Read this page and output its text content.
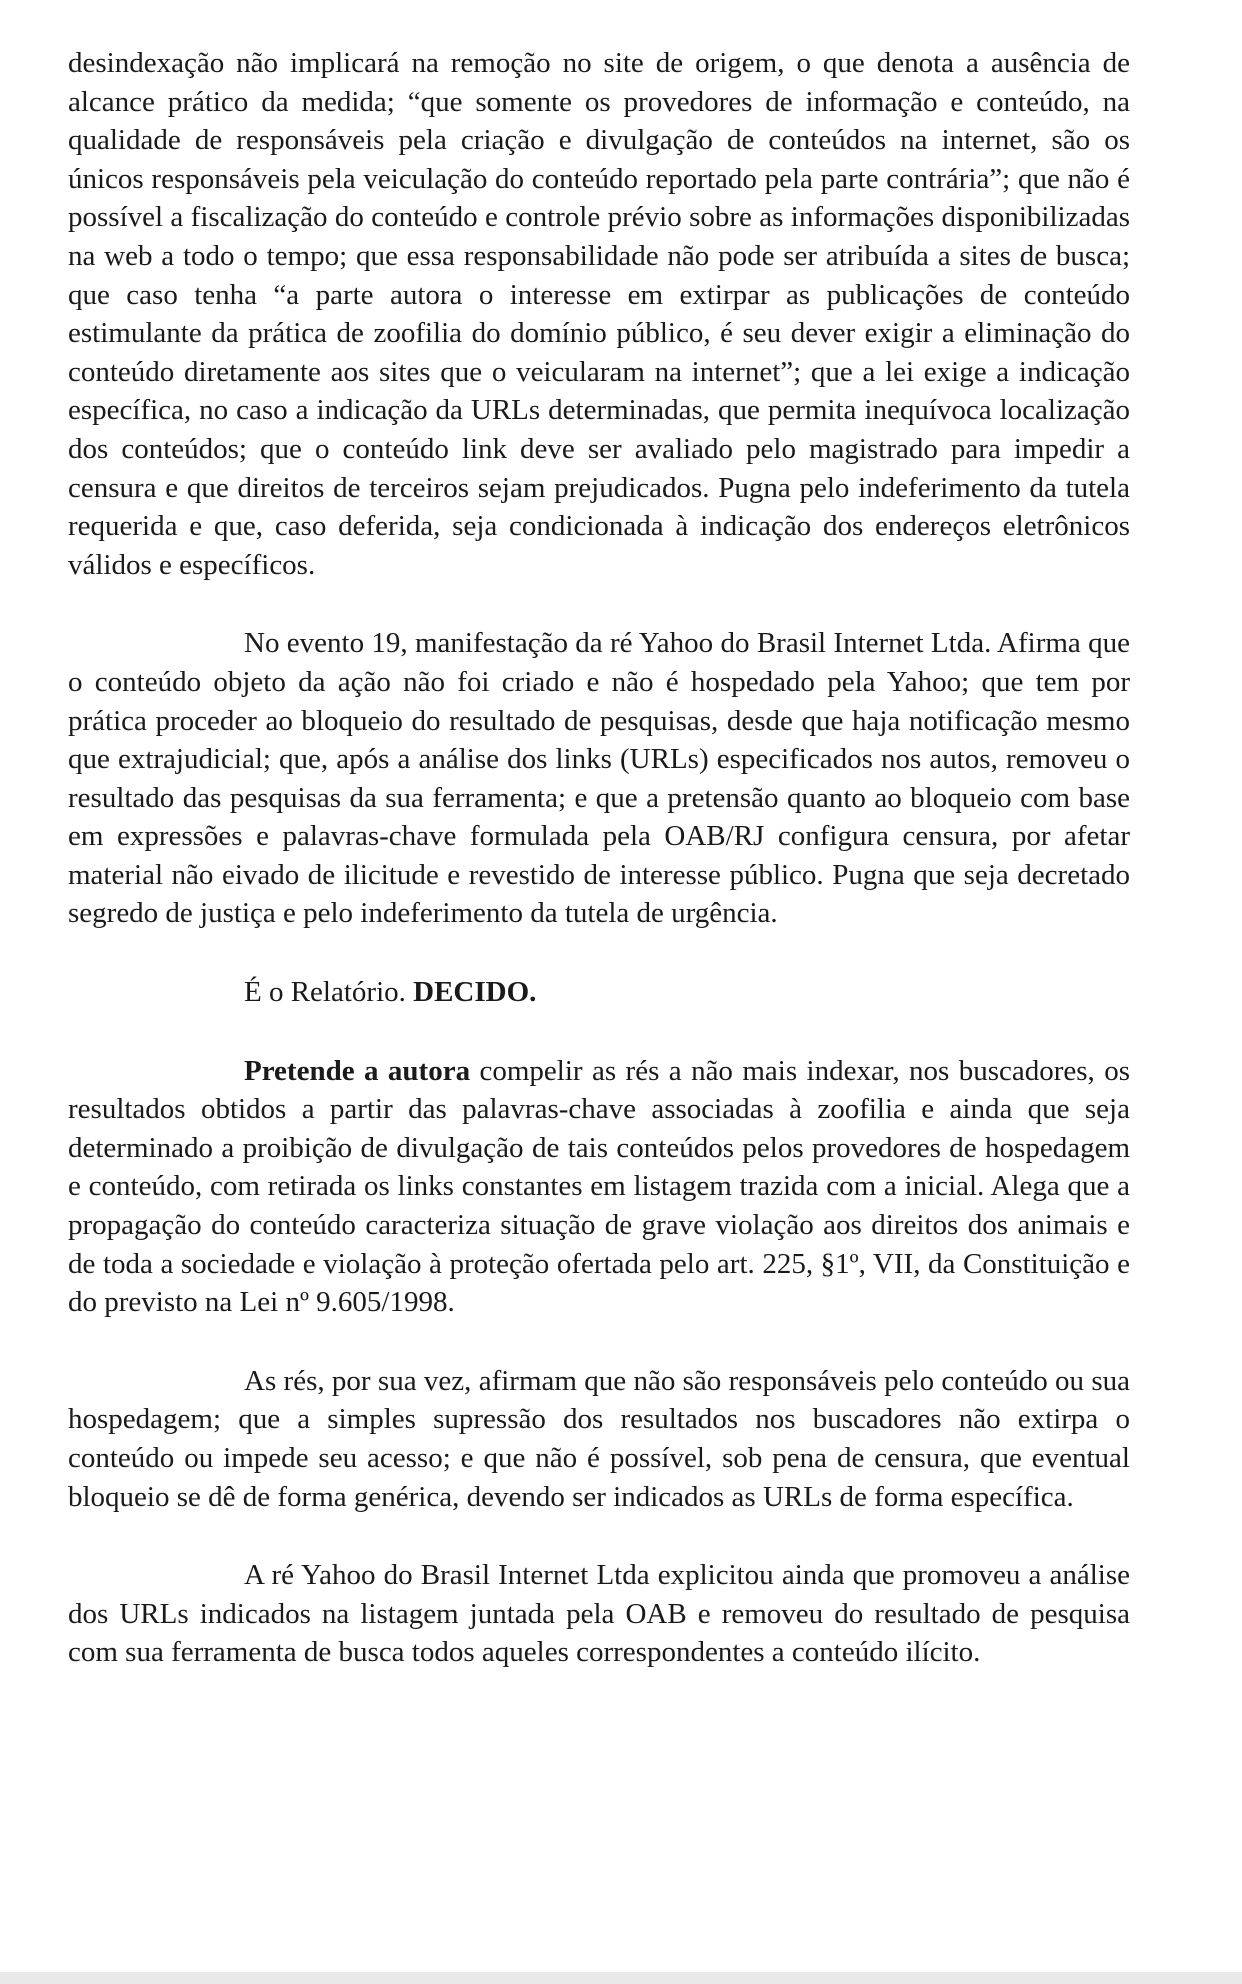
desindexação não implicará na remoção no site de origem, o que denota a ausência de alcance prático da medida; “que somente os provedores de informação e conteúdo, na qualidade de responsáveis pela criação e divulgação de conteúdos na internet, são os únicos responsáveis pela veiculação do conteúdo reportado pela parte contrária”; que não é possível a fiscalização do conteúdo e controle prévio sobre as informações disponibilizadas na web a todo o tempo; que essa responsabilidade não pode ser atribuída a sites de busca; que caso tenha “a parte autora o interesse em extirpar as publicações de conteúdo estimulante da prática de zoofilia do domínio público, é seu dever exigir a eliminação do conteúdo diretamente aos sites que o veicularam na internet”; que a lei exige a indicação específica, no caso a indicação da URLs determinadas, que permita inequívoca localização dos conteúdos; que o conteúdo link deve ser avaliado pelo magistrado para impedir a censura e que direitos de terceiros sejam prejudicados. Pugna pelo indeferimento da tutela requerida e que, caso deferida, seja condicionada à indicação dos endereços eletrônicos válidos e específicos.

No evento 19, manifestação da ré Yahoo do Brasil Internet Ltda. Afirma que o conteúdo objeto da ação não foi criado e não é hospedado pela Yahoo; que tem por prática proceder ao bloqueio do resultado de pesquisas, desde que haja notificação mesmo que extrajudicial; que, após a análise dos links (URLs) especificados nos autos, removeu o resultado das pesquisas da sua ferramenta; e que a pretensão quanto ao bloqueio com base em expressões e palavras-chave formulada pela OAB/RJ configura censura, por afetar material não eivado de ilicitude e revestido de interesse público. Pugna que seja decretado segredo de justiça e pelo indeferimento da tutela de urgência.

É o Relatório. DECIDO.

Pretende a autora compelir as rés a não mais indexar, nos buscadores, os resultados obtidos a partir das palavras-chave associadas à zoofilia e ainda que seja determinado a proibição de divulgação de tais conteúdos pelos provedores de hospedagem e conteúdo, com retirada os links constantes em listagem trazida com a inicial. Alega que a propagação do conteúdo caracteriza situação de grave violação aos direitos dos animais e de toda a sociedade e violação à proteção ofertada pelo art. 225, §1º, VII, da Constituição e do previsto na Lei nº 9.605/1998.

As rés, por sua vez, afirmam que não são responsáveis pelo conteúdo ou sua hospedagem; que a simples supressão dos resultados nos buscadores não extirpa o conteúdo ou impede seu acesso; e que não é possível, sob pena de censura, que eventual bloqueio se dê de forma genérica, devendo ser indicados as URLs de forma específica.

A ré Yahoo do Brasil Internet Ltda explicitou ainda que promoveu a análise dos URLs indicados na listagem juntada pela OAB e removeu do resultado de pesquisa com sua ferramenta de busca todos aqueles correspondentes a conteúdo ilícito.
